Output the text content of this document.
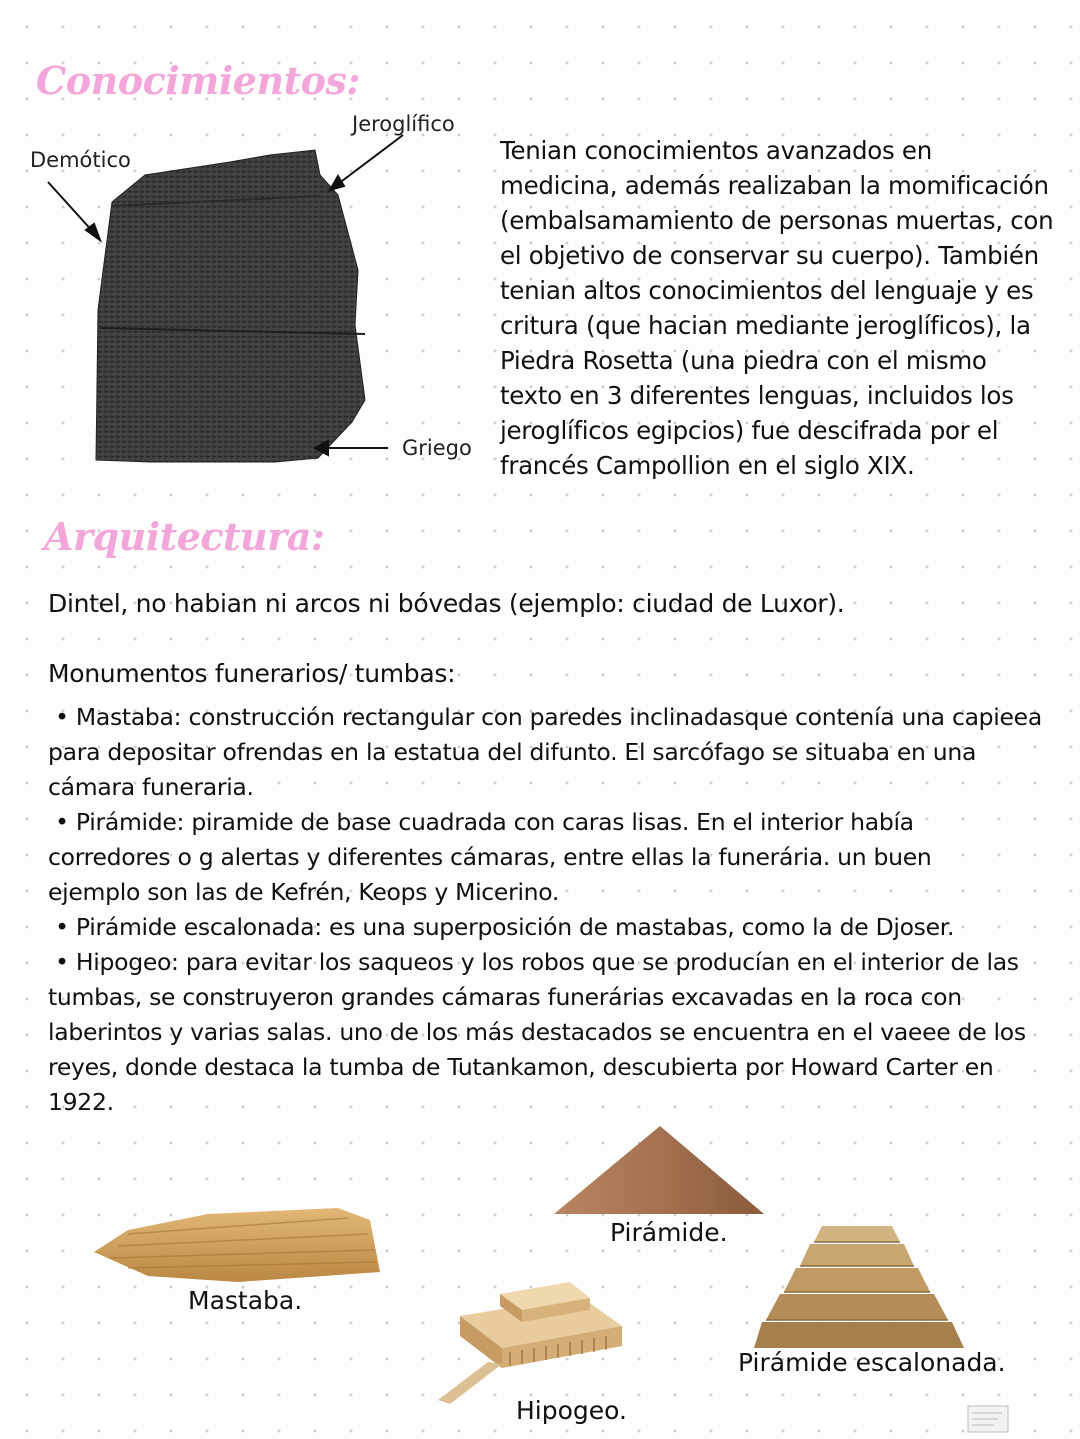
Conocimientos:
Demótico
Jeroglífico
Griego
Tenian conocimientos avanzados en
medicina, además realizaban la momificación
(embalsamamiento de personas muertas, con
el objetivo de conservar su cuerpo). También
tenian altos conocimientos del lenguaje y es
critura (que hacian mediante jeroglíficos), la
Piedra Rosetta (una piedra con el mismo
texto en 3 diferentes lenguas, incluidos los
jeroglíficos egipcios) fue descifrada por el
francés Campollion en el siglo XIX.
Arquitectura:
Dintel, no habian ni arcos ni bóvedas (ejemplo: ciudad de Luxor).
Monumentos funerarios/ tumbas:
• Mastaba: construcción rectangular con paredes inclinadasque contenía una capieea
para depositar ofrendas en la estatua del difunto. El sarcófago se situaba en una
cámara funeraria.
• Pirámide: piramide de base cuadrada con caras lisas. En el interior había
corredores o g alertas y diferentes cámaras, entre ellas la funerária. un buen
ejemplo son las de Kefrén, Keops y Micerino.
• Pirámide escalonada: es una superposición de mastabas, como la de Djoser.
• Hipogeo: para evitar los saqueos y los robos que se producían en el interior de las
tumbas, se construyeron grandes cámaras funerárias excavadas en la roca con
laberintos y varias salas. uno de los más destacados se encuentra en el vaeee de los
reyes, donde destaca la tumba de Tutankamon, descubierta por Howard Carter en
1922.
Pirámide.
Mastaba.
Hipogeo.
Pirámide escalonada.
